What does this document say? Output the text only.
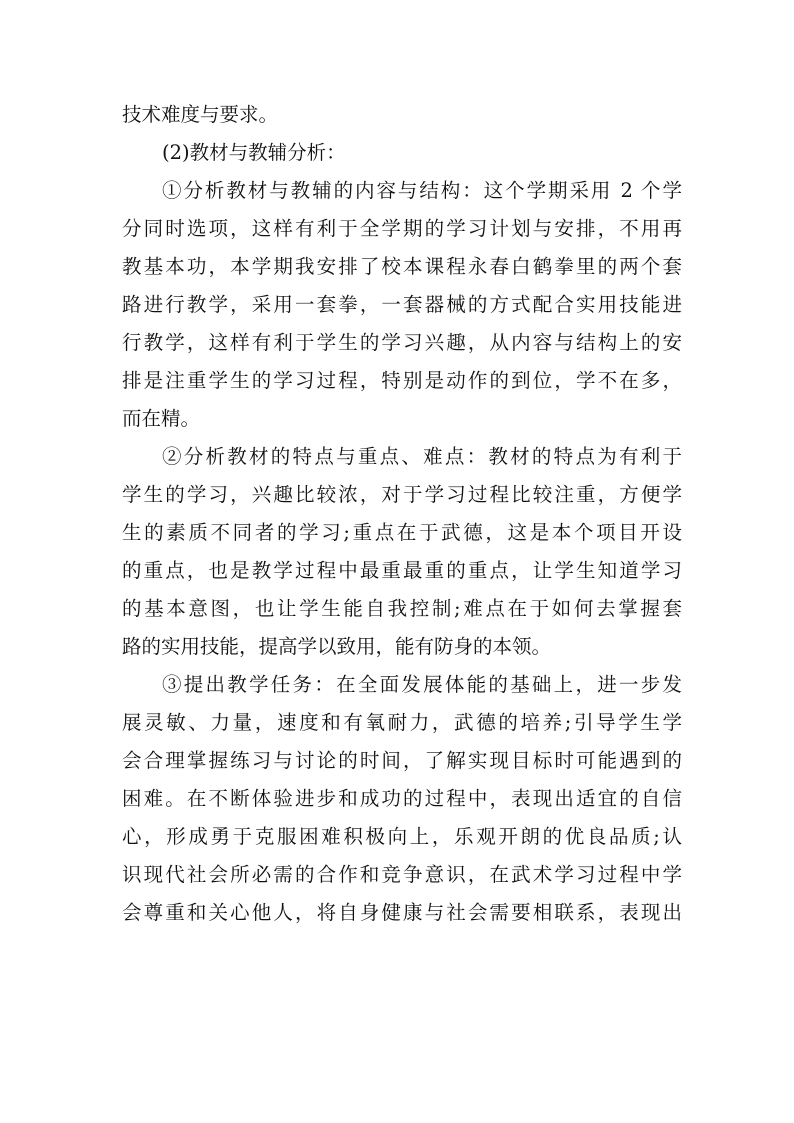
技术难度与要求。
(2)教材与教辅分析：
①分析教材与教辅的内容与结构：这个学期采用 2 个学
分同时选项，这样有利于全学期的学习计划与安排，不用再
教基本功，本学期我安排了校本课程永春白鹤拳里的两个套
路进行教学，采用一套拳，一套器械的方式配合实用技能进
行教学，这样有利于学生的学习兴趣，从内容与结构上的安
排是注重学生的学习过程，特别是动作的到位，学不在多，
而在精。
②分析教材的特点与重点、难点：教材的特点为有利于
学生的学习，兴趣比较浓，对于学习过程比较注重，方便学
生的素质不同者的学习;重点在于武德，这是本个项目开设
的重点，也是教学过程中最重最重的重点，让学生知道学习
的基本意图，也让学生能自我控制;难点在于如何去掌握套
路的实用技能，提高学以致用，能有防身的本领。
③提出教学任务：在全面发展体能的基础上，进一步发
展灵敏、力量，速度和有氧耐力，武德的培养;引导学生学
会合理掌握练习与讨论的时间，了解实现目标时可能遇到的
困难。在不断体验进步和成功的过程中，表现出适宜的自信
心，形成勇于克服困难积极向上，乐观开朗的优良品质;认
识现代社会所必需的合作和竞争意识，在武术学习过程中学
会尊重和关心他人，将自身健康与社会需要相联系，表现出
